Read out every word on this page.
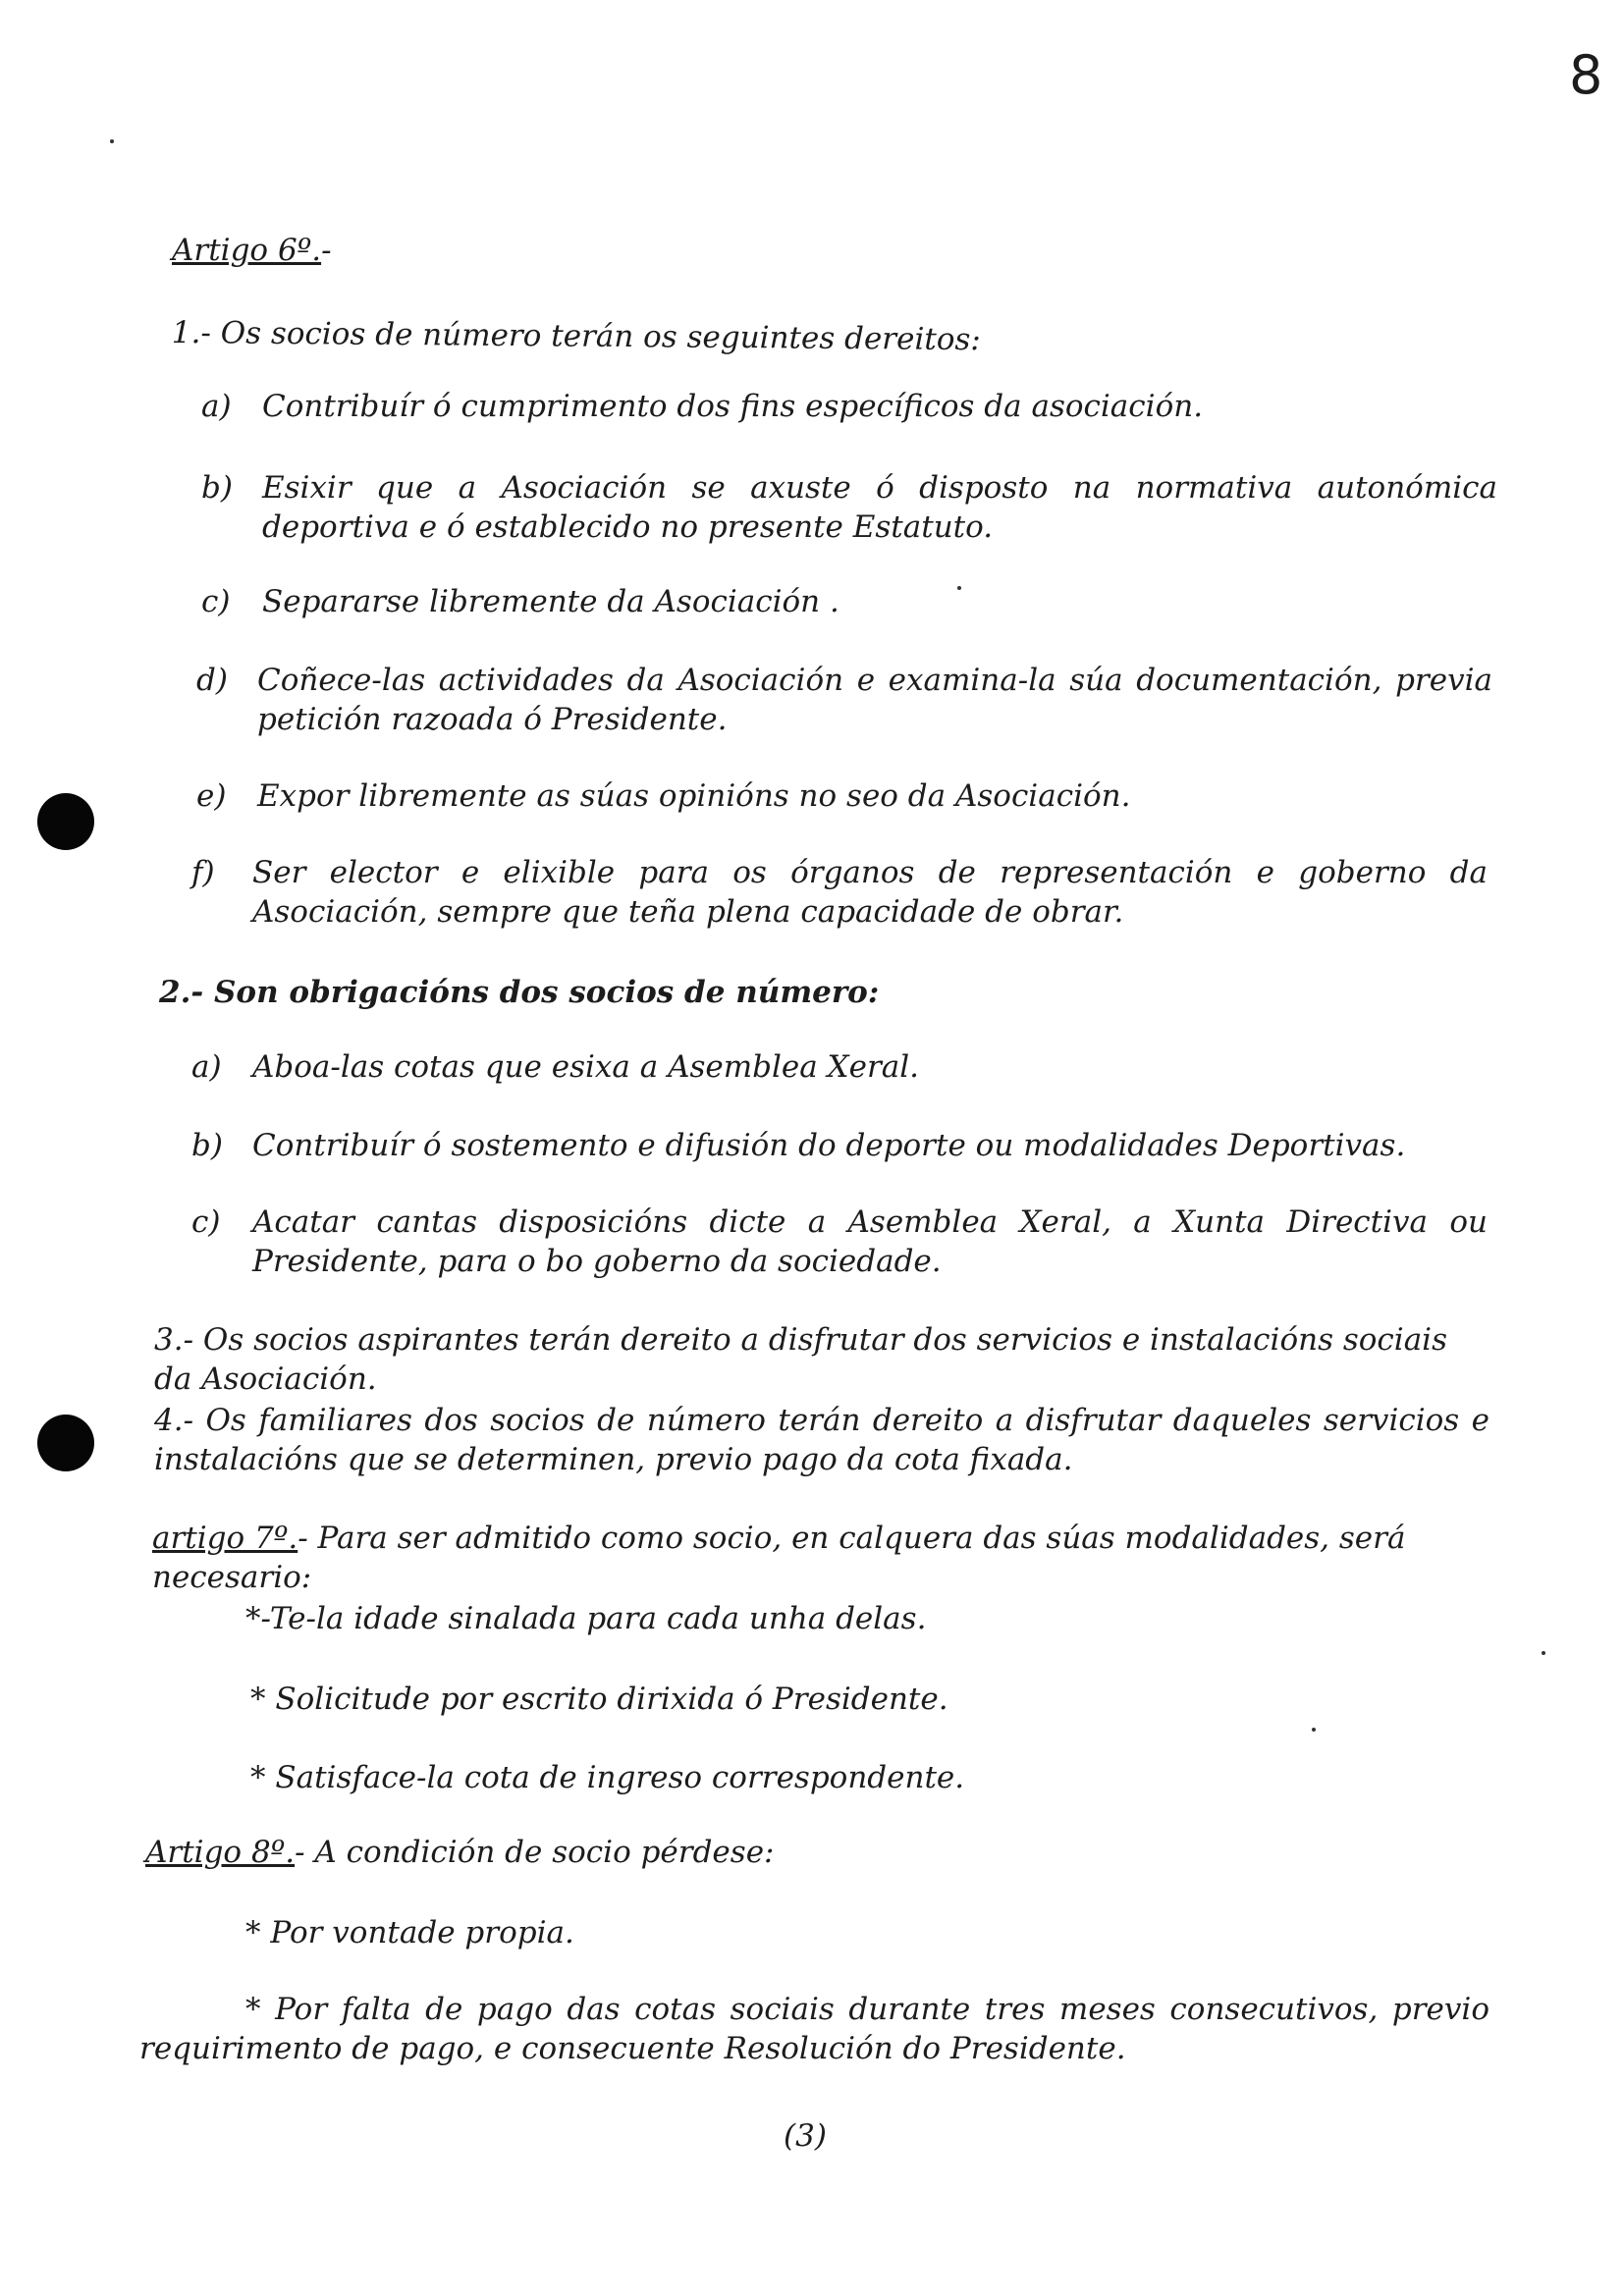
8
Artigo 6º.-
1.- Os socios de número terán os seguintes dereitos:
a)	Contribuír ó cumprimento dos fins específicos da asociación.
b) Esixir que a Asociación se axuste ó disposto na normativa autonómica deportiva e ó establecido no presente Estatuto.
c)	Separarse libremente da Asociación .
d) Coñece-las actividades da Asociación e examina-la súa documentación, previa petición razoada ó Presidente.
e)	Expor libremente as súas opinións no seo da Asociación.
f)	Ser elector e elixible para os órganos de representación e goberno da Asociación, sempre que teña plena capacidade de obrar.
2.- Son obrigacións dos socios de número:
a)	Aboa-las cotas que esixa a Asemblea Xeral.
b) Contribuír ó sostemento e difusión do deporte ou modalidades Deportivas.
c)	Acatar cantas disposicións dicte a Asemblea Xeral, a Xunta Directiva ou Presidente, para o bo goberno da sociedade.
3.- Os socios aspirantes terán dereito a disfrutar dos servicios e instalacións sociais da Asociación.
4.- Os familiares dos socios de número terán dereito a disfrutar daqueles servicios e instalacións que se determinen, previo pago da cota fixada.
artigo 7º.- Para ser admitido como socio, en calquera das súas modalidades, será necesario:
*-Te-la idade sinalada para cada unha delas.
* Solicitude por escrito dirixida ó Presidente.
* Satisface-la cota de ingreso correspondente.
Artigo 8º.- A condición de socio pérdese:
* Por vontade propia.
* Por falta de pago das cotas sociais durante tres meses consecutivos, previo requirimento de pago, e consecuente Resolución do Presidente.
(3)
